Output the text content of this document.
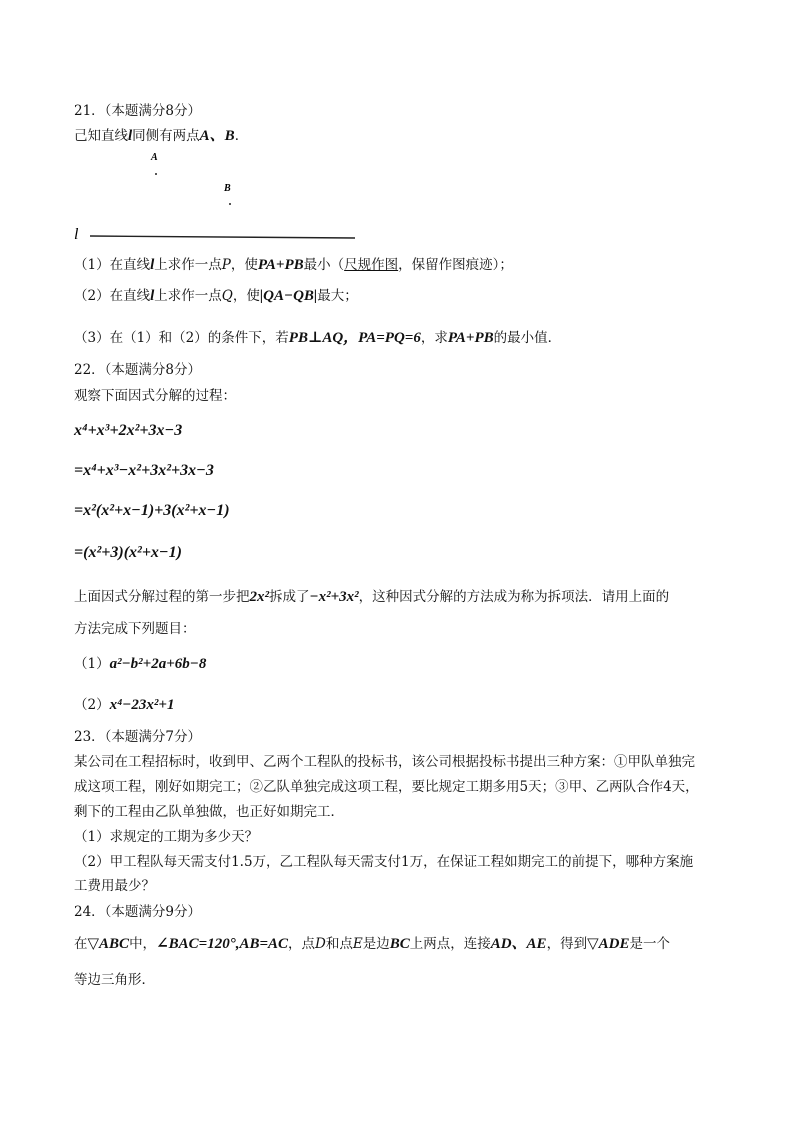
21．（本题满分8分）
己知直线l同侧有两点A、B．
A
B
l
（1）在直线l上求作一点P，使PA+PB最小（尺规作图，保留作图痕迹）；
（2）在直线l上求作一点Q，使|QA−QB|最大；
（3）在（1）和（2）的条件下，若PB⊥AQ，PA=PQ=6，求PA+PB的最小值．
22．（本题满分8分）
观察下面因式分解的过程：
x⁴+x³+2x²+3x−3
=x⁴+x³−x²+3x²+3x−3
=x²(x²+x−1)+3(x²+x−1)
=(x²+3)(x²+x−1)
上面因式分解过程的第一步把2x²拆成了−x²+3x²，这种因式分解的方法成为称为拆项法．请用上面的
方法完成下列题目：
（1）a²−b²+2a+6b−8
（2）x⁴−23x²+1
23．（本题满分7分）
某公司在工程招标时，收到甲、乙两个工程队的投标书，该公司根据投标书提出三种方案：①甲队单独完
成这项工程，刚好如期完工；②乙队单独完成这项工程，要比规定工期多用5天；③甲、乙两队合作4天，
剩下的工程由乙队单独做，也正好如期完工．
（1）求规定的工期为多少天？
（2）甲工程队每天需支付1.5万，乙工程队每天需支付1万，在保证工程如期完工的前提下，哪种方案施
工费用最少？
24．（本题满分9分）
在▽ABC中，∠BAC=120°,AB=AC，点D和点E是边BC上两点，连接AD、AE，得到▽ADE是一个
等边三角形．
